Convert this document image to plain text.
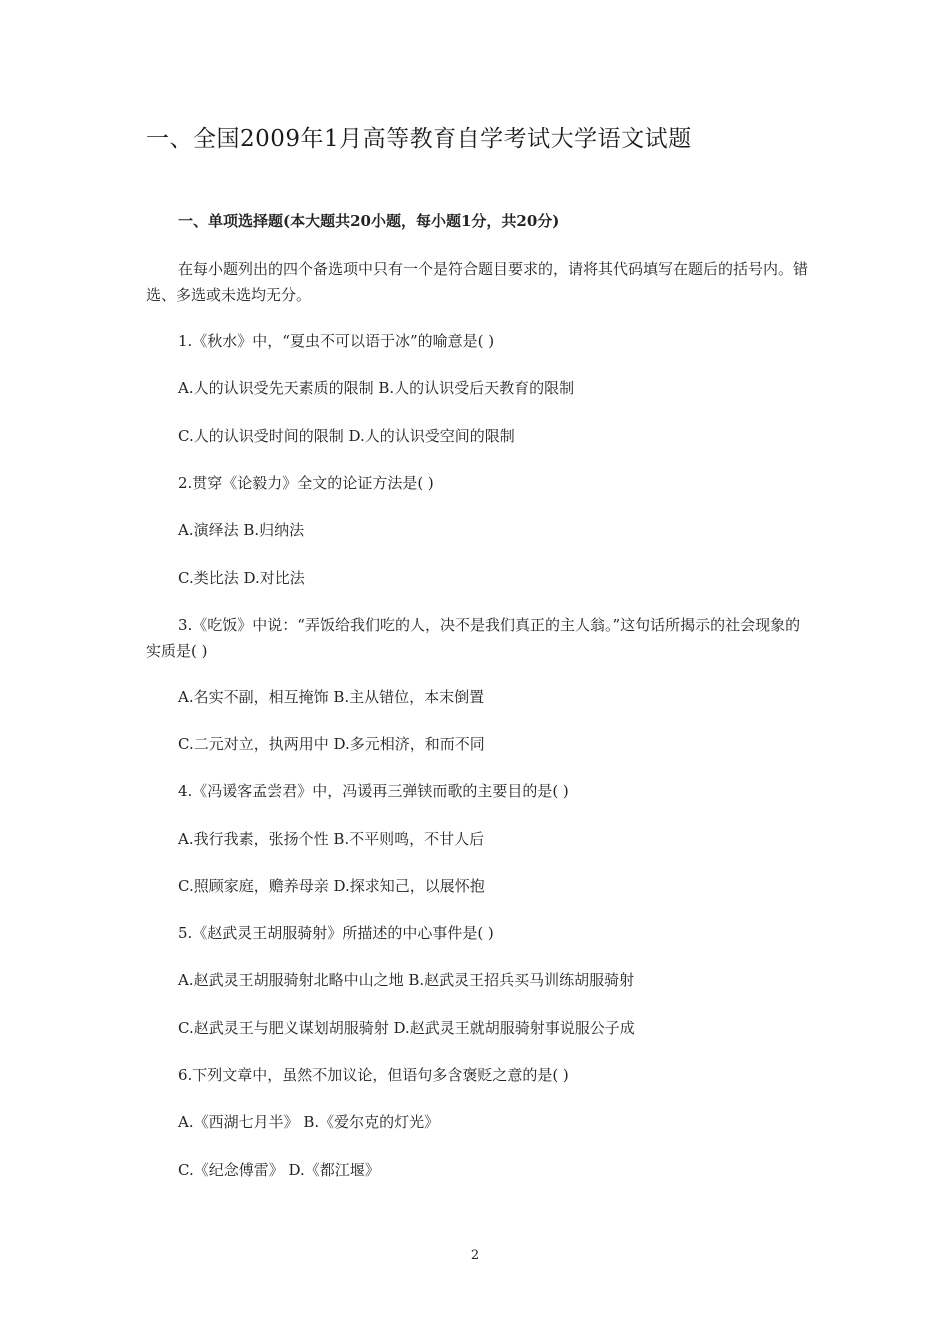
一、全国2009年1月高等教育自学考试大学语文试题
一、单项选择题(本大题共20小题，每小题1分，共20分)
在每小题列出的四个备选项中只有一个是符合题目要求的，请将其代码填写在题后的括号内。错选、多选或未选均无分。
1.《秋水》中，“夏虫不可以语于冰”的喻意是( )
A.人的认识受先天素质的限制 B.人的认识受后天教育的限制
C.人的认识受时间的限制 D.人的认识受空间的限制
2.贯穿《论毅力》全文的论证方法是( )
A.演绎法 B.归纳法
C.类比法 D.对比法
3.《吃饭》中说：“弄饭给我们吃的人，决不是我们真正的主人翁。”这句话所揭示的社会现象的实质是( )
A.名实不副，相互掩饰 B.主从错位，本末倒置
C.二元对立，执两用中 D.多元相济，和而不同
4.《冯谖客孟尝君》中，冯谖再三弹铗而歌的主要目的是( )
A.我行我素，张扬个性 B.不平则鸣，不甘人后
C.照顾家庭，赡养母亲 D.探求知己，以展怀抱
5.《赵武灵王胡服骑射》所描述的中心事件是( )
A.赵武灵王胡服骑射北略中山之地 B.赵武灵王招兵买马训练胡服骑射
C.赵武灵王与肥义谋划胡服骑射 D.赵武灵王就胡服骑射事说服公子成
6.下列文章中，虽然不加议论，但语句多含褒贬之意的是( )
A.《西湖七月半》 B.《爱尔克的灯光》
C.《纪念傅雷》 D.《都江堰》
2
